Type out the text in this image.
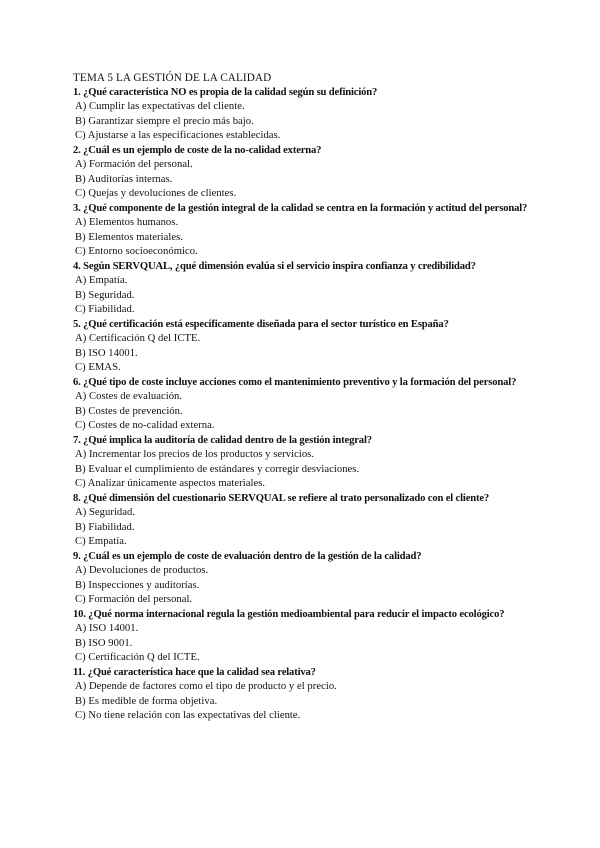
TEMA 5 LA GESTIÓN DE LA CALIDAD

1. ¿Qué característica NO es propia de la calidad según su definición?

A) Cumplir las expectativas del cliente.

B) Garantizar siempre el precio más bajo.

C) Ajustarse a las especificaciones establecidas.

2. ¿Cuál es un ejemplo de coste de la no-calidad externa?

A) Formación del personal.

B) Auditorías internas.

C) Quejas y devoluciones de clientes.

3. ¿Qué componente de la gestión integral de la calidad se centra en la formación y actitud del personal?

A) Elementos humanos.

B) Elementos materiales.

C) Entorno socioeconómico.

4. Según SERVQUAL, ¿qué dimensión evalúa si el servicio inspira confianza y credibilidad?

A) Empatía.

B) Seguridad.

C) Fiabilidad.

5. ¿Qué certificación está específicamente diseñada para el sector turístico en España?

A) Certificación Q del ICTE.

B) ISO 14001.

C) EMAS.

6. ¿Qué tipo de coste incluye acciones como el mantenimiento preventivo y la formación del personal?

A) Costes de evaluación.

B) Costes de prevención.

C) Costes de no-calidad externa.

7. ¿Qué implica la auditoría de calidad dentro de la gestión integral?

A) Incrementar los precios de los productos y servicios.

B) Evaluar el cumplimiento de estándares y corregir desviaciones.

C) Analizar únicamente aspectos materiales.

8. ¿Qué dimensión del cuestionario SERVQUAL se refiere al trato personalizado con el cliente?

A) Seguridad.

B) Fiabilidad.

C) Empatía.

9. ¿Cuál es un ejemplo de coste de evaluación dentro de la gestión de la calidad?

A) Devoluciones de productos.

B) Inspecciones y auditorías.

C) Formación del personal.

10. ¿Qué norma internacional regula la gestión medioambiental para reducir el impacto ecológico?

A) ISO 14001.

B) ISO 9001.

C) Certificación Q del ICTE.

11. ¿Qué característica hace que la calidad sea relativa?

A) Depende de factores como el tipo de producto y el precio.

B) Es medible de forma objetiva.

C) No tiene relación con las expectativas del cliente.
